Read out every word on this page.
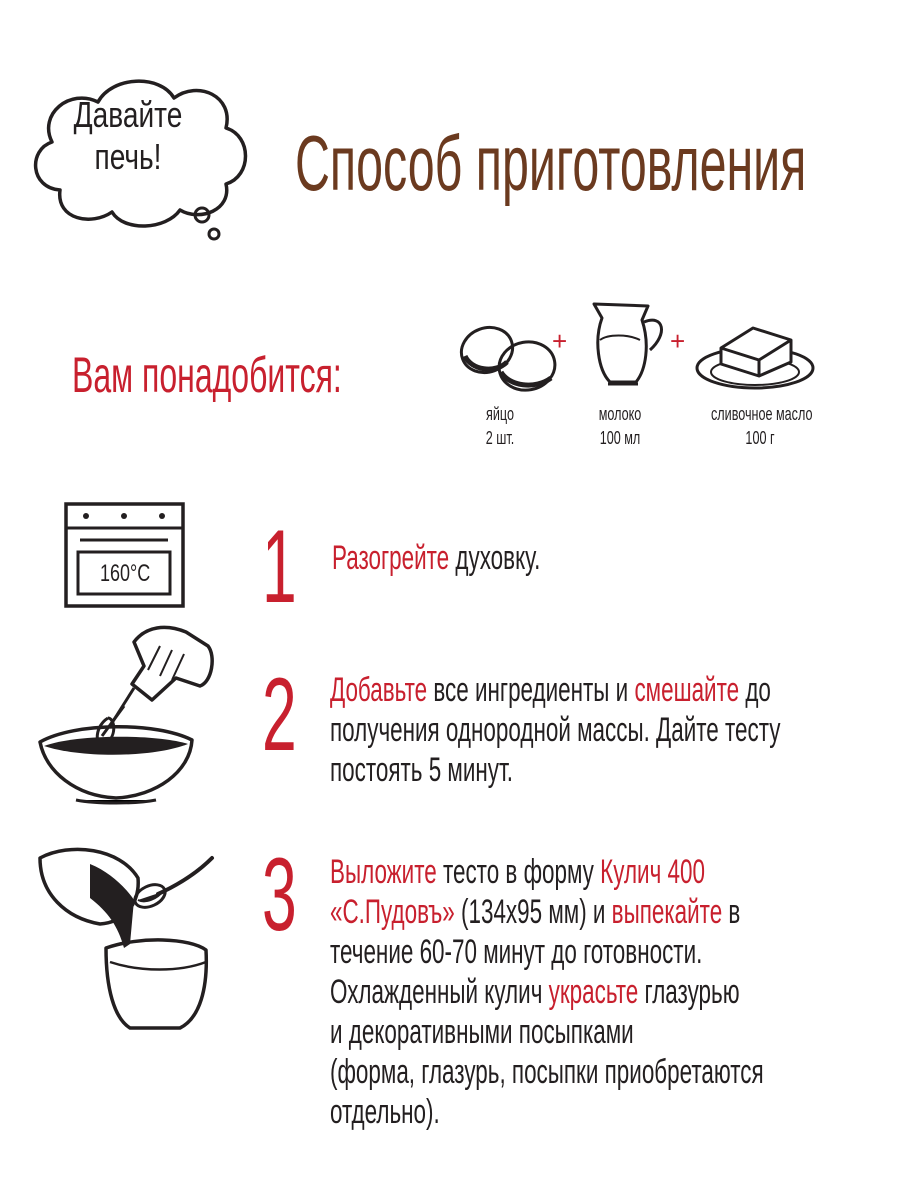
Давайте
печь! Способ приготовления
Вам понадобится:
+	+
яйцо
2 шт.
молоко
100 мл
сливочное масло
100 г
160°С 1 Разогрейте духовку.
2 Добавьте все ингредиенты и смешайте до
получения однородной массы. Дайте тесту
постоять 5 минут.
3 Выложите тесто в форму Кулич 400
«С.Пудовъ» (134х95 мм) и выпекайте в
течение 60-70 минут до готовности.
Охлажденный кулич украсьте глазурью
и декоративными посыпками
(форма, глазурь, посыпки приобретаются
отдельно).
